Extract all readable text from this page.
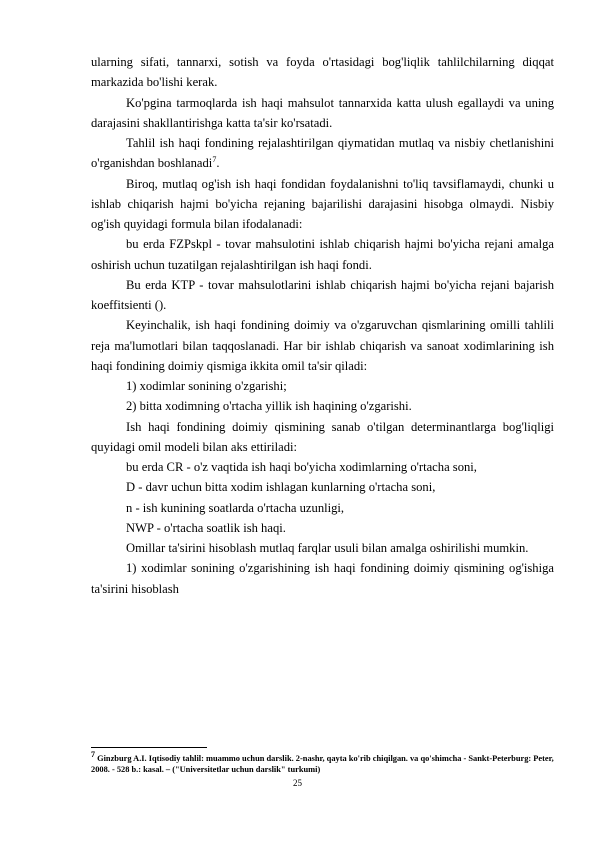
ularning sifati, tannarxi, sotish va foyda o'rtasidagi bog'liqlik tahlilchilarning diqqat markazida bo'lishi kerak.

Ko'pgina tarmoqlarda ish haqi mahsulot tannarxida katta ulush egallaydi va uning darajasini shakllantirishga katta ta'sir ko'rsatadi.

Tahlil ish haqi fondining rejalashtirilgan qiymatidan mutlaq va nisbiy chetlanishini o'rganishdan boshlanadi$^7$.

Biroq, mutlaq og'ish ish haqi fondidan foydalanishni to'liq tavsiflamaydi, chunki u ishlab chiqarish hajmi bo'yicha rejaning bajarilishi darajasini hisobga olmaydi. Nisbiy og'ish quyidagi formula bilan ifodalanadi:

bu erda FZPskpl - tovar mahsulotini ishlab chiqarish hajmi bo'yicha rejani amalga oshirish uchun tuzatilgan rejalashtirilgan ish haqi fondi.

Bu erda KTP - tovar mahsulotlarini ishlab chiqarish hajmi bo'yicha rejani bajarish koeffitsienti ().

Keyinchalik, ish haqi fondining doimiy va o'zgaruvchan qismlarining omilli tahlili reja ma'lumotlari bilan taqqoslanadi. Har bir ishlab chiqarish va sanoat xodimlarining ish haqi fondining doimiy qismiga ikkita omil ta'sir qiladi:

1) xodimlar sonining o'zgarishi;

2) bitta xodimning o'rtacha yillik ish haqining o'zgarishi.

Ish haqi fondining doimiy qismining sanab o'tilgan determinantlarga bog'liqligi quyidagi omil modeli bilan aks ettiriladi:

bu erda CR - o'z vaqtida ish haqi bo'yicha xodimlarning o'rtacha soni,

D - davr uchun bitta xodim ishlagan kunlarning o'rtacha soni,

n - ish kunining soatlarda o'rtacha uzunligi,

NWP - o'rtacha soatlik ish haqi.

Omillar ta'sirini hisoblash mutlaq farqlar usuli bilan amalga oshirilishi mumkin.

1) xodimlar sonining o'zgarishining ish haqi fondining doimiy qismining og'ishiga ta'sirini hisoblash

$^7$ Ginzburg A.I. Iqtisodiy tahlil: muammo uchun darslik. 2-nashr, qayta ko'rib chiqilgan. va qo'shimcha - Sankt-Peterburg: Peter, 2008. - 528 b.: kasal. – ("Universitetlar uchun darslik" turkumi)

25
